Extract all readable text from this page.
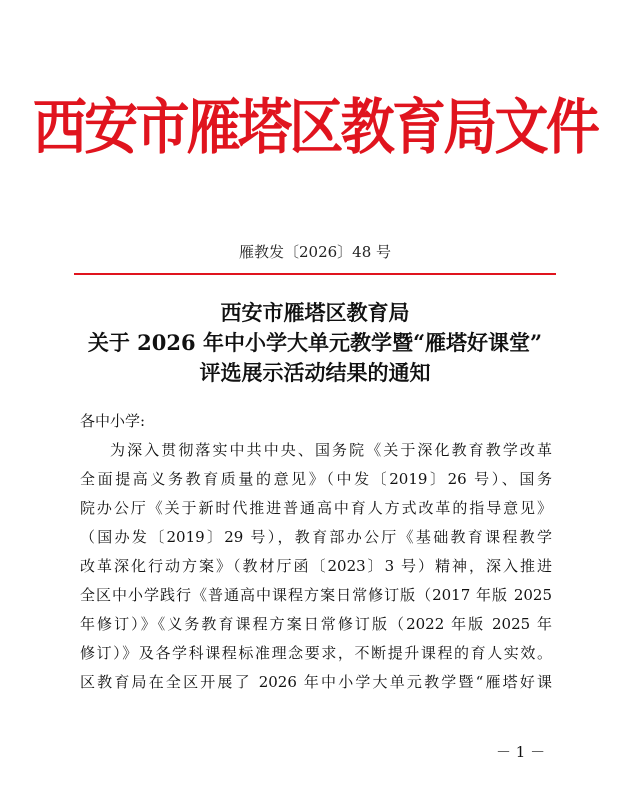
西安市雁塔区教育局文件
雁教发〔2026〕48 号
西安市雁塔区教育局
关于 2026 年中小学大单元教学暨“雁塔好课堂”
评选展示活动结果的通知
各中小学:
为深入贯彻落实中共中央、国务院《关于深化教育教学改革
全面提高义务教育质量的意见》（中发〔2019〕26 号）、国务
院办公厅《关于新时代推进普通高中育人方式改革的指导意见》
（国办发〔2019〕29 号），教育部办公厅《基础教育课程教学
改革深化行动方案》（教材厅函〔2023〕3 号）精神，深入推进
全区中小学践行《普通高中课程方案日常修订版（2017 年版 2025
年修订）》《义务教育课程方案日常修订版（2022 年版 2025 年
修订）》及各学科课程标准理念要求，不断提升课程的育人实效。
区教育局在全区开展了 2026 年中小学大单元教学暨“雁塔好课
－ 1 －
